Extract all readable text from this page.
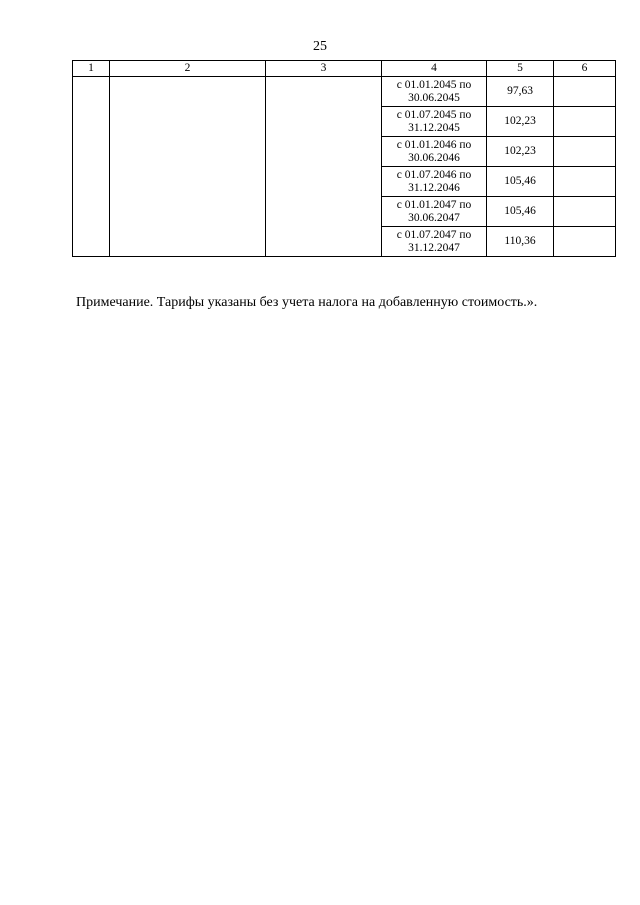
25
1	2	3	4	5	6

			с 01.01.2045 по
30.06.2045	97,63	

			с 01.07.2045 по
31.12.2045	102,23	

			с 01.01.2046 по
30.06.2046	102,23	

			с 01.07.2046 по
31.12.2046	105,46	

			с 01.01.2047 по
30.06.2047	105,46	

			с 01.07.2047 по
31.12.2047	110,36	
Примечание. Тарифы указаны без учета налога на добавленную стоимость.».
